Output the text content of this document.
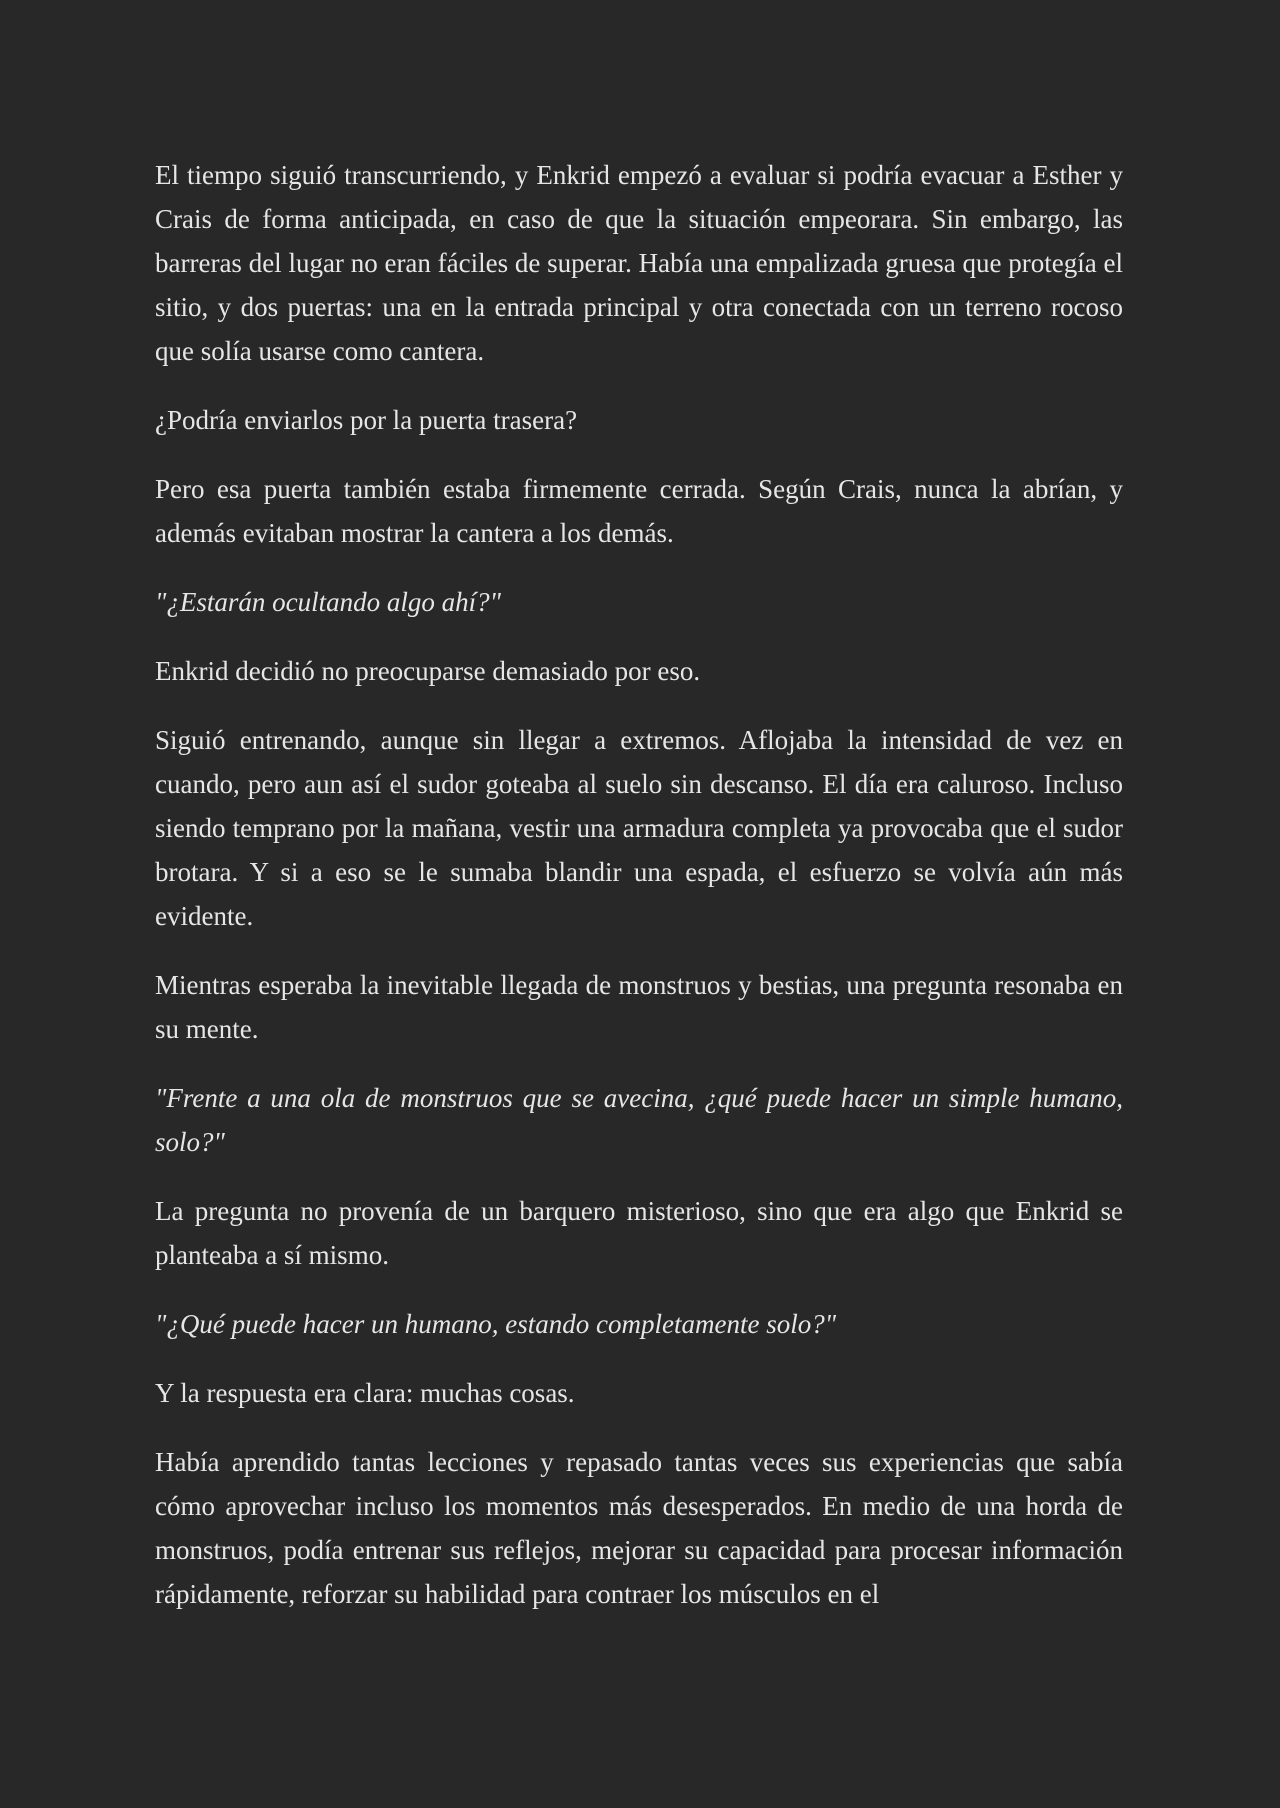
El tiempo siguió transcurriendo, y Enkrid empezó a evaluar si podría evacuar a Esther y Crais de forma anticipada, en caso de que la situación empeorara. Sin embargo, las barreras del lugar no eran fáciles de superar. Había una empalizada gruesa que protegía el sitio, y dos puertas: una en la entrada principal y otra conectada con un terreno rocoso que solía usarse como cantera.

¿Podría enviarlos por la puerta trasera?

Pero esa puerta también estaba firmemente cerrada. Según Crais, nunca la abrían, y además evitaban mostrar la cantera a los demás.

"¿Estarán ocultando algo ahí?"

Enkrid decidió no preocuparse demasiado por eso.

Siguió entrenando, aunque sin llegar a extremos. Aflojaba la intensidad de vez en cuando, pero aun así el sudor goteaba al suelo sin descanso. El día era caluroso. Incluso siendo temprano por la mañana, vestir una armadura completa ya provocaba que el sudor brotara. Y si a eso se le sumaba blandir una espada, el esfuerzo se volvía aún más evidente.

Mientras esperaba la inevitable llegada de monstruos y bestias, una pregunta resonaba en su mente.

"Frente a una ola de monstruos que se avecina, ¿qué puede hacer un simple humano, solo?"

La pregunta no provenía de un barquero misterioso, sino que era algo que Enkrid se planteaba a sí mismo.

"¿Qué puede hacer un humano, estando completamente solo?"

Y la respuesta era clara: muchas cosas.

Había aprendido tantas lecciones y repasado tantas veces sus experiencias que sabía cómo aprovechar incluso los momentos más desesperados. En medio de una horda de monstruos, podía entrenar sus reflejos, mejorar su capacidad para procesar información rápidamente, reforzar su habilidad para contraer los músculos en el
